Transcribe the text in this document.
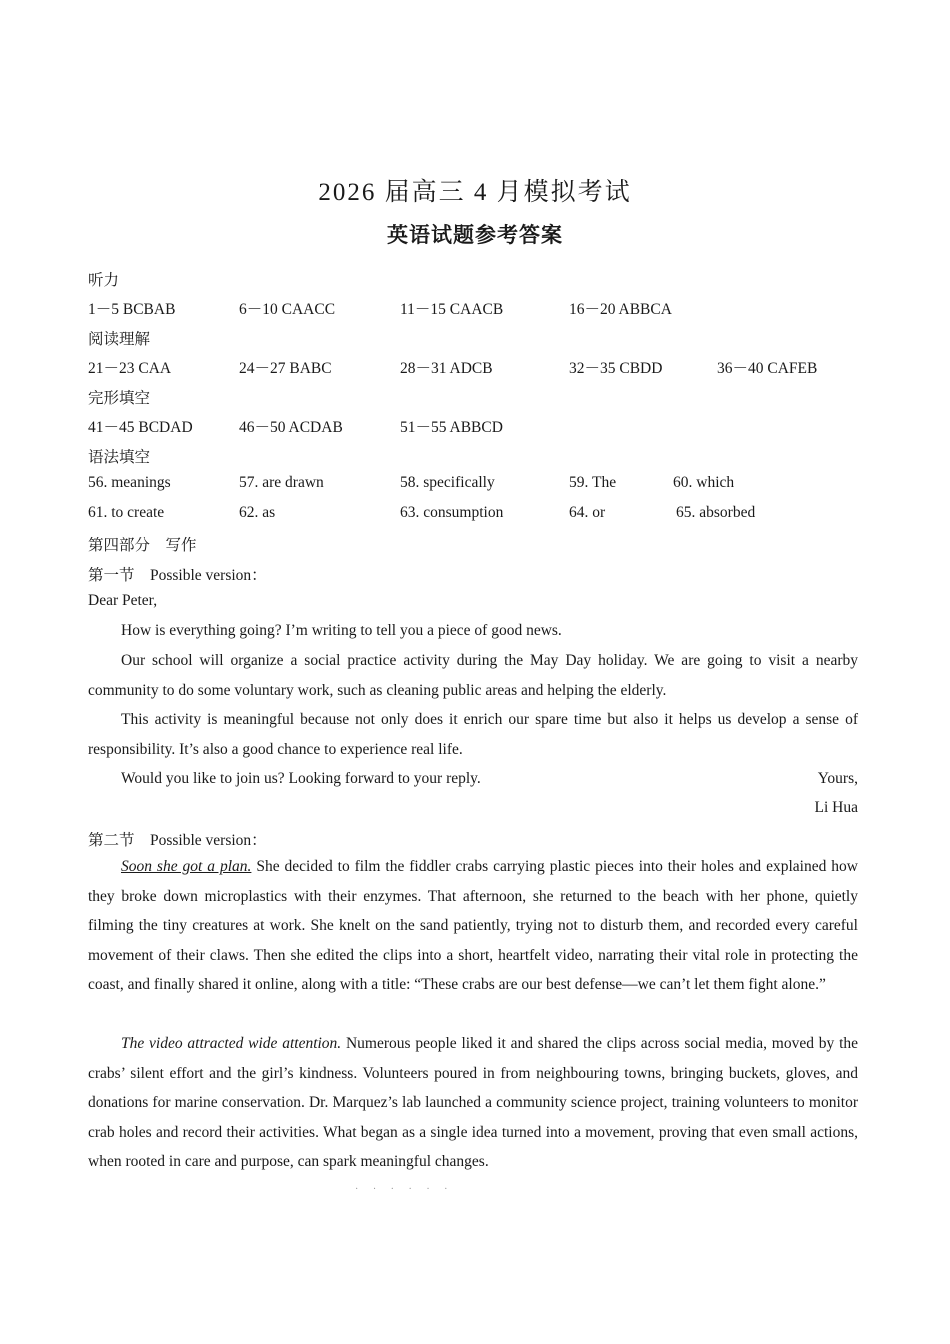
2026 届高三 4 月模拟考试
英语试题参考答案
听力
1－5 BCBAB	6－10 CAACC	11－15 CAACB	16－20 ABBCA
阅读理解
21－23 CAA	24－27 BABC	28－31 ADCB	32－35 CBDD	36－40 CAFEB
完形填空
41－45 BCDAD	46－50 ACDAB	51－55 ABBCD
语法填空
56. meanings	57. are drawn	58. specifically	59. The	60. which
61. to create	62. as	63. consumption	64. or	65. absorbed
第四部分　写作
第一节　Possible version：
Dear Peter,

How is everything going? I’m writing to tell you a piece of good news.

Our school will organize a social practice activity during the May Day holiday. We are going to visit a nearby community to do some voluntary work, such as cleaning public areas and helping the elderly.

This activity is meaningful because not only does it enrich our spare time but also it helps us develop a sense of responsibility. It’s also a good chance to experience real life.

Would you like to join us? Looking forward to your reply.	Yours,
Li Hua
第二节　Possible version：

Soon she got a plan. She decided to film the fiddler crabs carrying plastic pieces into their holes and explained how they broke down microplastics with their enzymes. That afternoon, she returned to the beach with her phone, quietly filming the tiny creatures at work. She knelt on the sand patiently, trying not to disturb them, and recorded every careful movement of their claws. Then she edited the clips into a short, heartfelt video, narrating their vital role in protecting the coast, and finally shared it online, along with a title: “These crabs are our best defense—we can’t let them fight alone.”

The video attracted wide attention. Numerous people liked it and shared the clips across social media, moved by the crabs’ silent effort and the girl’s kindness. Volunteers poured in from neighbouring towns, bringing buckets, gloves, and donations for marine conservation. Dr. Marquez’s lab launched a community science project, training volunteers to monitor crab holes and record their activities. What began as a single idea turned into a movement, proving that even small actions, when rooted in care and purpose, can spark meaningful changes.

· · · · · ·
